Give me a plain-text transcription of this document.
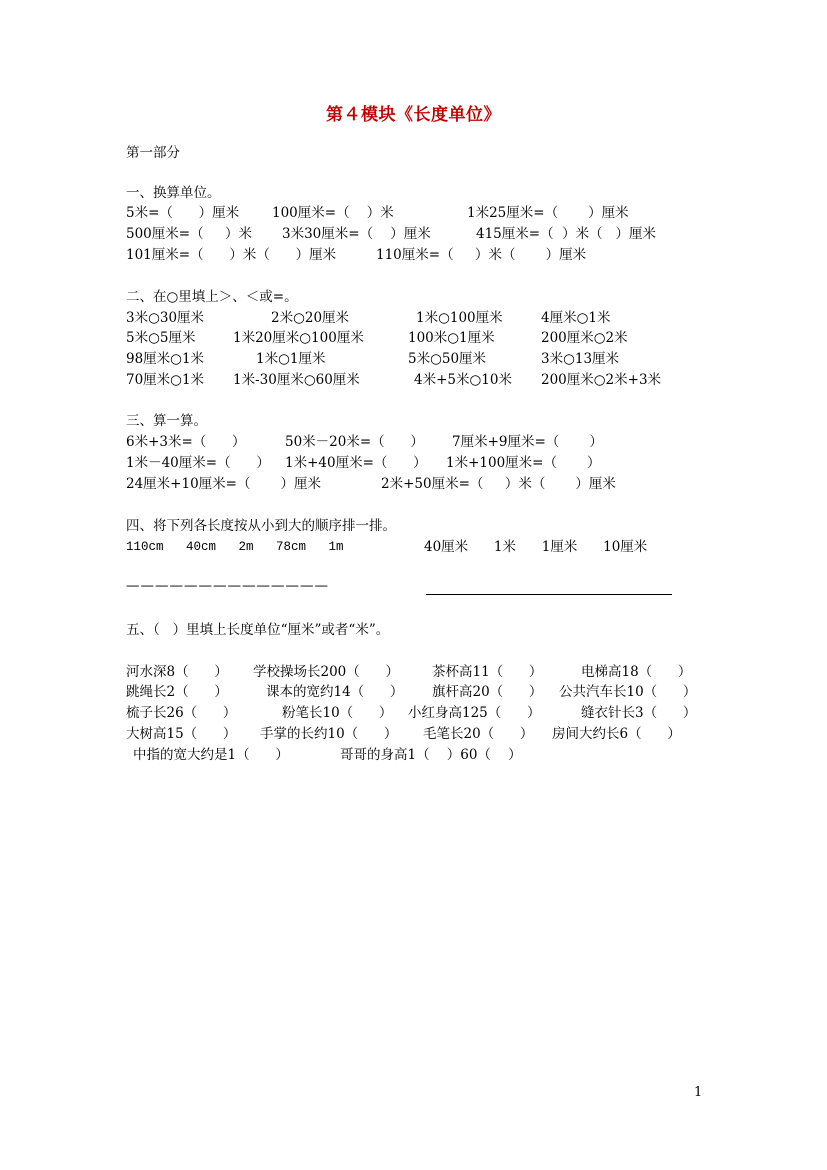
第４模块《长度单位》
第一部分
一、换算单位。
5米=（      ）厘米 100厘米=（    ）米	1米25厘米=（       ）厘米
500厘米=（     ）米 3米30厘米=（    ）厘米	415厘米=（  ）米（   ）厘米
101厘米=（      ）米（      ）厘米	110厘米=（     ）米（       ）厘米
二、在○里填上＞、＜或=。
3米○30厘米	2米○20厘米	1米○100厘米	4厘米○1米
5米○5厘米	1米20厘米○100厘米	100米○1厘米	200厘米○2米
98厘米○1米	1米○1厘米	5米○50厘米	3米○13厘米
70厘米○1米 1米-30厘米○60厘米	4米+5米○10米 200厘米○2米+3米
三、算一算。
6米+3米=（      ）	50米－20米=（      ） 7厘米+9厘米=（       ）
1米－40厘米=（      ） 1米+40厘米=（      ） 1米+100厘米=（       ）
24厘米+10厘米=（       ）厘米	2米+50厘米=（     ）米（       ）厘米
四、将下列各长度按从小到大的顺序排一排。
110cm   40cm   2m   78cm   1m	40厘米      1米      1厘米      10厘米
——————————————
五、（   ）里填上长度单位“厘米”或者“米”。
河水深8（      ） 学校操场长200（      ） 茶杯高11（      ）	电梯高18（      ）
跳绳长2（      ）	课本的宽约14（      ） 旗杆高20（      ） 公共汽车长10（      ）
梳子长26（      ）	粉笔长10（      ） 小红身高125（      ）	缝衣针长3（      ）
大树高15（      ） 手掌的长约10（      ） 毛笔长20（      ） 房间大约长6（      ）
中指的宽大约是1（      ）	哥哥的身高1（    ）60（    ）
1
